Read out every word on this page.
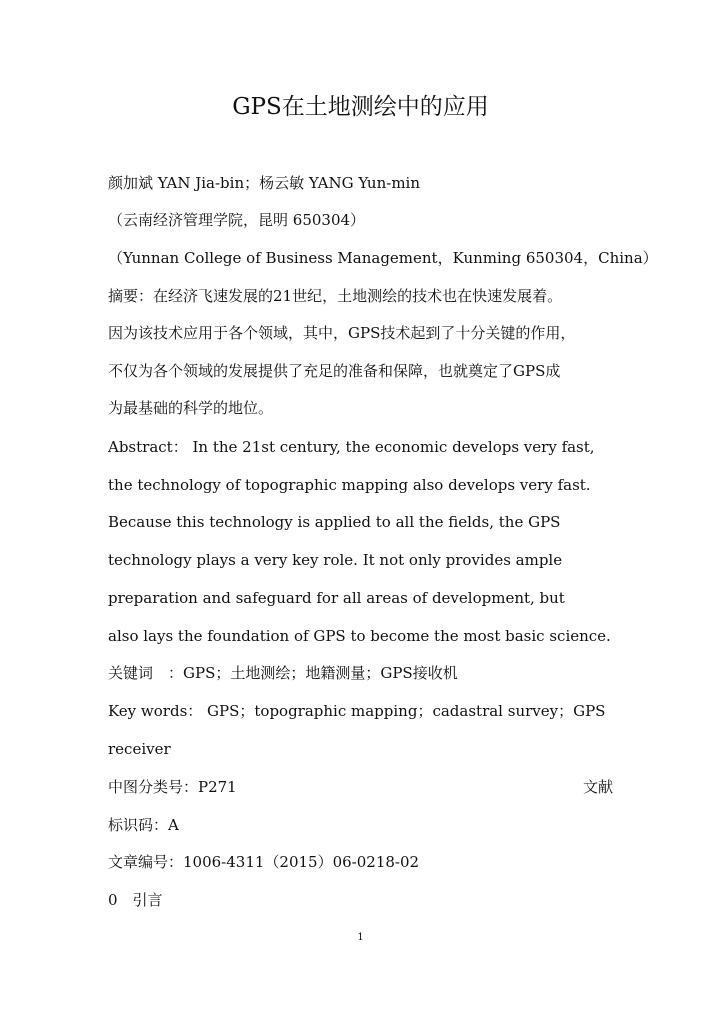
GPS在土地测绘中的应用
颜加斌 YAN Jia-bin；杨云敏 YANG Yun-min
（云南经济管理学院，昆明 650304）
（Yunnan College of Business Management，Kunming 650304，China）
摘要：在经济飞速发展的21世纪，土地测绘的技术也在快速发展着。
因为该技术应用于各个领域，其中，GPS技术起到了十分关键的作用，
不仅为各个领域的发展提供了充足的准备和保障，也就奠定了GPS成
为最基础的科学的地位。
Abstract： In the 21st century, the economic develops very fast,
the technology of topographic mapping also develops very fast.
Because this technology is applied to all the fields, the GPS
technology plays a very key role. It not only provides ample
preparation and safeguard for all areas of development, but
also lays the foundation of GPS to become the most basic science.
关键词　：GPS；土地测绘；地籍测量；GPS接收机
Key words： GPS；topographic mapping；cadastral survey；GPS
receiver
中图分类号：P271	文献
标识码：A
文章编号：1006-4311（2015）06-0218-02
0　引言
1
